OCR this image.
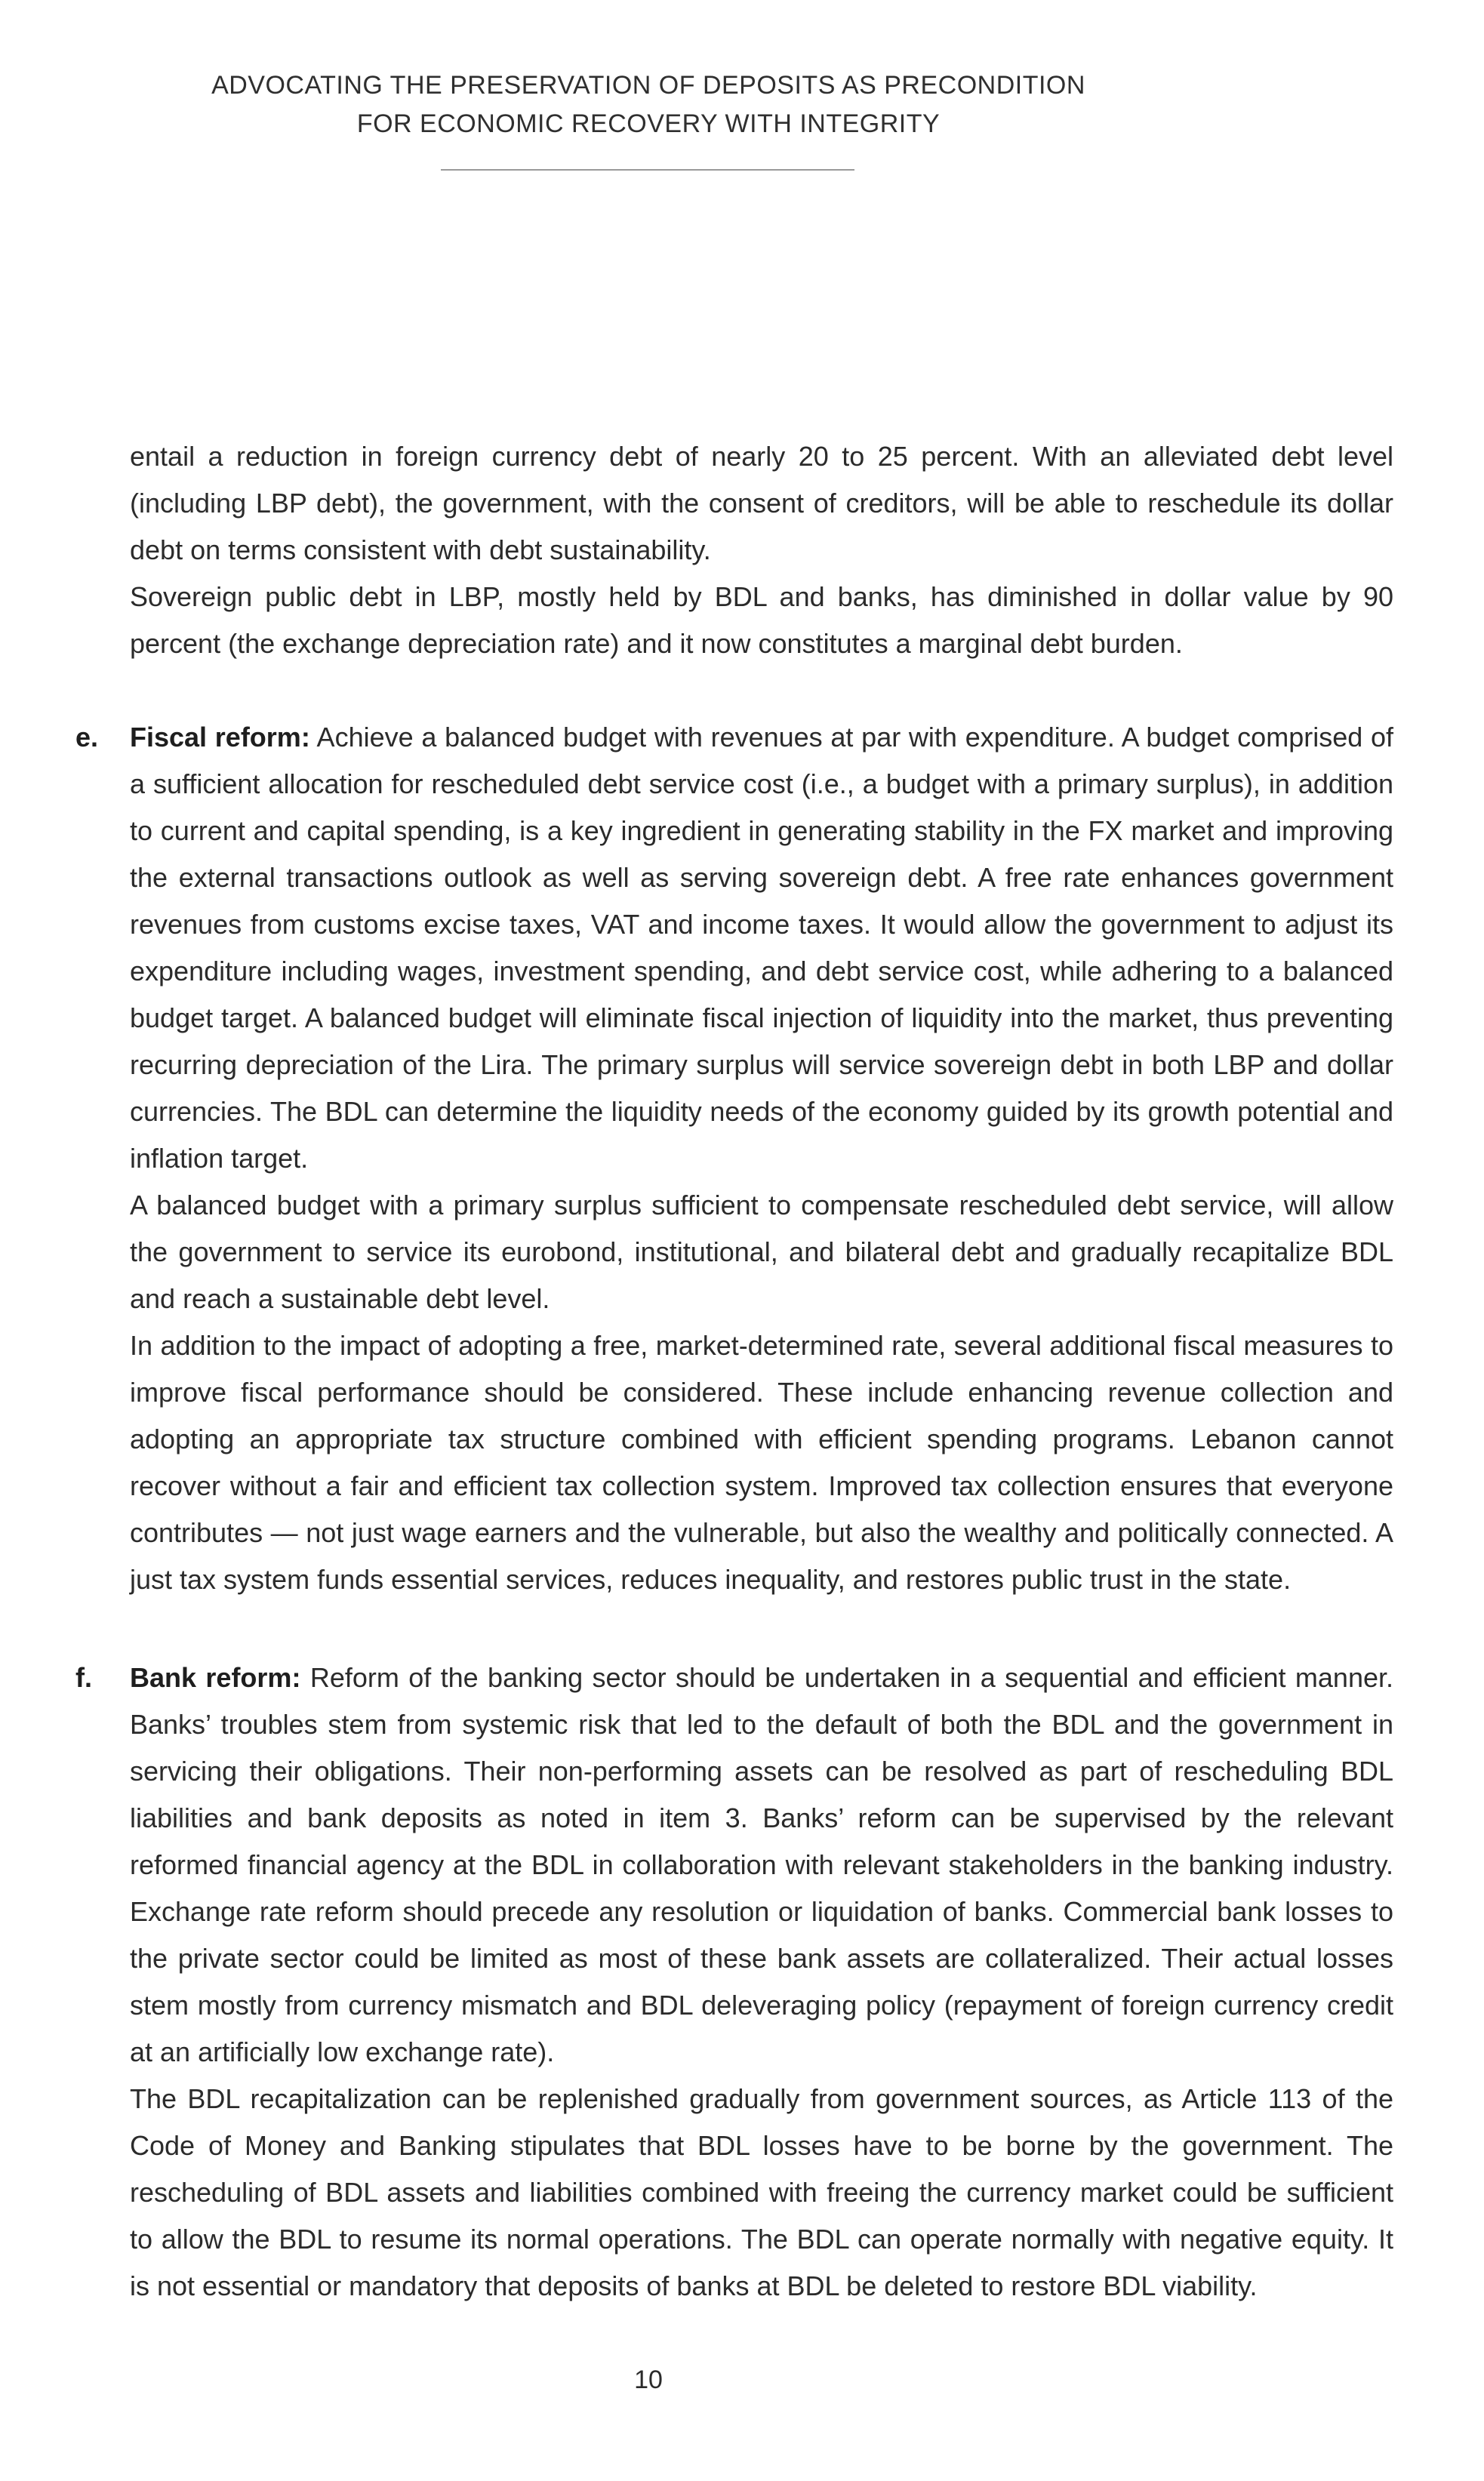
ADVOCATING THE PRESERVATION OF DEPOSITS AS PRECONDITION
FOR ECONOMIC RECOVERY WITH INTEGRITY

entail a reduction in foreign currency debt of nearly 20 to 25 percent. With an alleviated debt level (including LBP debt), the government, with the consent of creditors, will be able to reschedule its dollar debt on terms consistent with debt sustainability.

Sovereign public debt in LBP, mostly held by BDL and banks, has diminished in dollar value by 90 percent (the exchange depreciation rate) and it now constitutes a marginal debt burden.

e.	Fiscal reform: Achieve a balanced budget with revenues at par with expenditure. A budget comprised of a sufficient allocation for rescheduled debt service cost (i.e., a budget with a primary surplus), in addition to current and capital spending, is a key ingredient in generating stability in the FX market and improving the external transactions outlook as well as serving sovereign debt. A free rate enhances government revenues from customs excise taxes, VAT and income taxes. It would allow the government to adjust its expenditure including wages, investment spending, and debt service cost, while adhering to a balanced budget target. A balanced budget will eliminate fiscal injection of liquidity into the market, thus preventing recurring depreciation of the Lira. The primary surplus will service sovereign debt in both LBP and dollar currencies. The BDL can determine the liquidity needs of the economy guided by its growth potential and inflation target.

A balanced budget with a primary surplus sufficient to compensate rescheduled debt service, will allow the government to service its eurobond, institutional, and bilateral debt and gradually recapitalize BDL and reach a sustainable debt level.

In addition to the impact of adopting a free, market-determined rate, several additional fiscal measures to improve fiscal performance should be considered. These include enhancing revenue collection and adopting an appropriate tax structure combined with efficient spending programs. Lebanon cannot recover without a fair and efficient tax collection system. Improved tax collection ensures that everyone contributes — not just wage earners and the vulnerable, but also the wealthy and politically connected. A just tax system funds essential services, reduces inequality, and restores public trust in the state.

f.	Bank reform: Reform of the banking sector should be undertaken in a sequential and efficient manner. Banks’ troubles stem from systemic risk that led to the default of both the BDL and the government in servicing their obligations. Their non-performing assets can be resolved as part of rescheduling BDL liabilities and bank deposits as noted in item 3. Banks’ reform can be supervised by the relevant reformed financial agency at the BDL in collaboration with relevant stakeholders in the banking industry. Exchange rate reform should precede any resolution or liquidation of banks. Commercial bank losses to the private sector could be limited as most of these bank assets are collateralized. Their actual losses stem mostly from currency mismatch and BDL deleveraging policy (repayment of foreign currency credit at an artificially low exchange rate).

The BDL recapitalization can be replenished gradually from government sources, as Article 113 of the Code of Money and Banking stipulates that BDL losses have to be borne by the government. The rescheduling of BDL assets and liabilities combined with freeing the currency market could be sufficient to allow the BDL to resume its normal operations. The BDL can operate normally with negative equity. It is not essential or mandatory that deposits of banks at BDL be deleted to restore BDL viability.

10
